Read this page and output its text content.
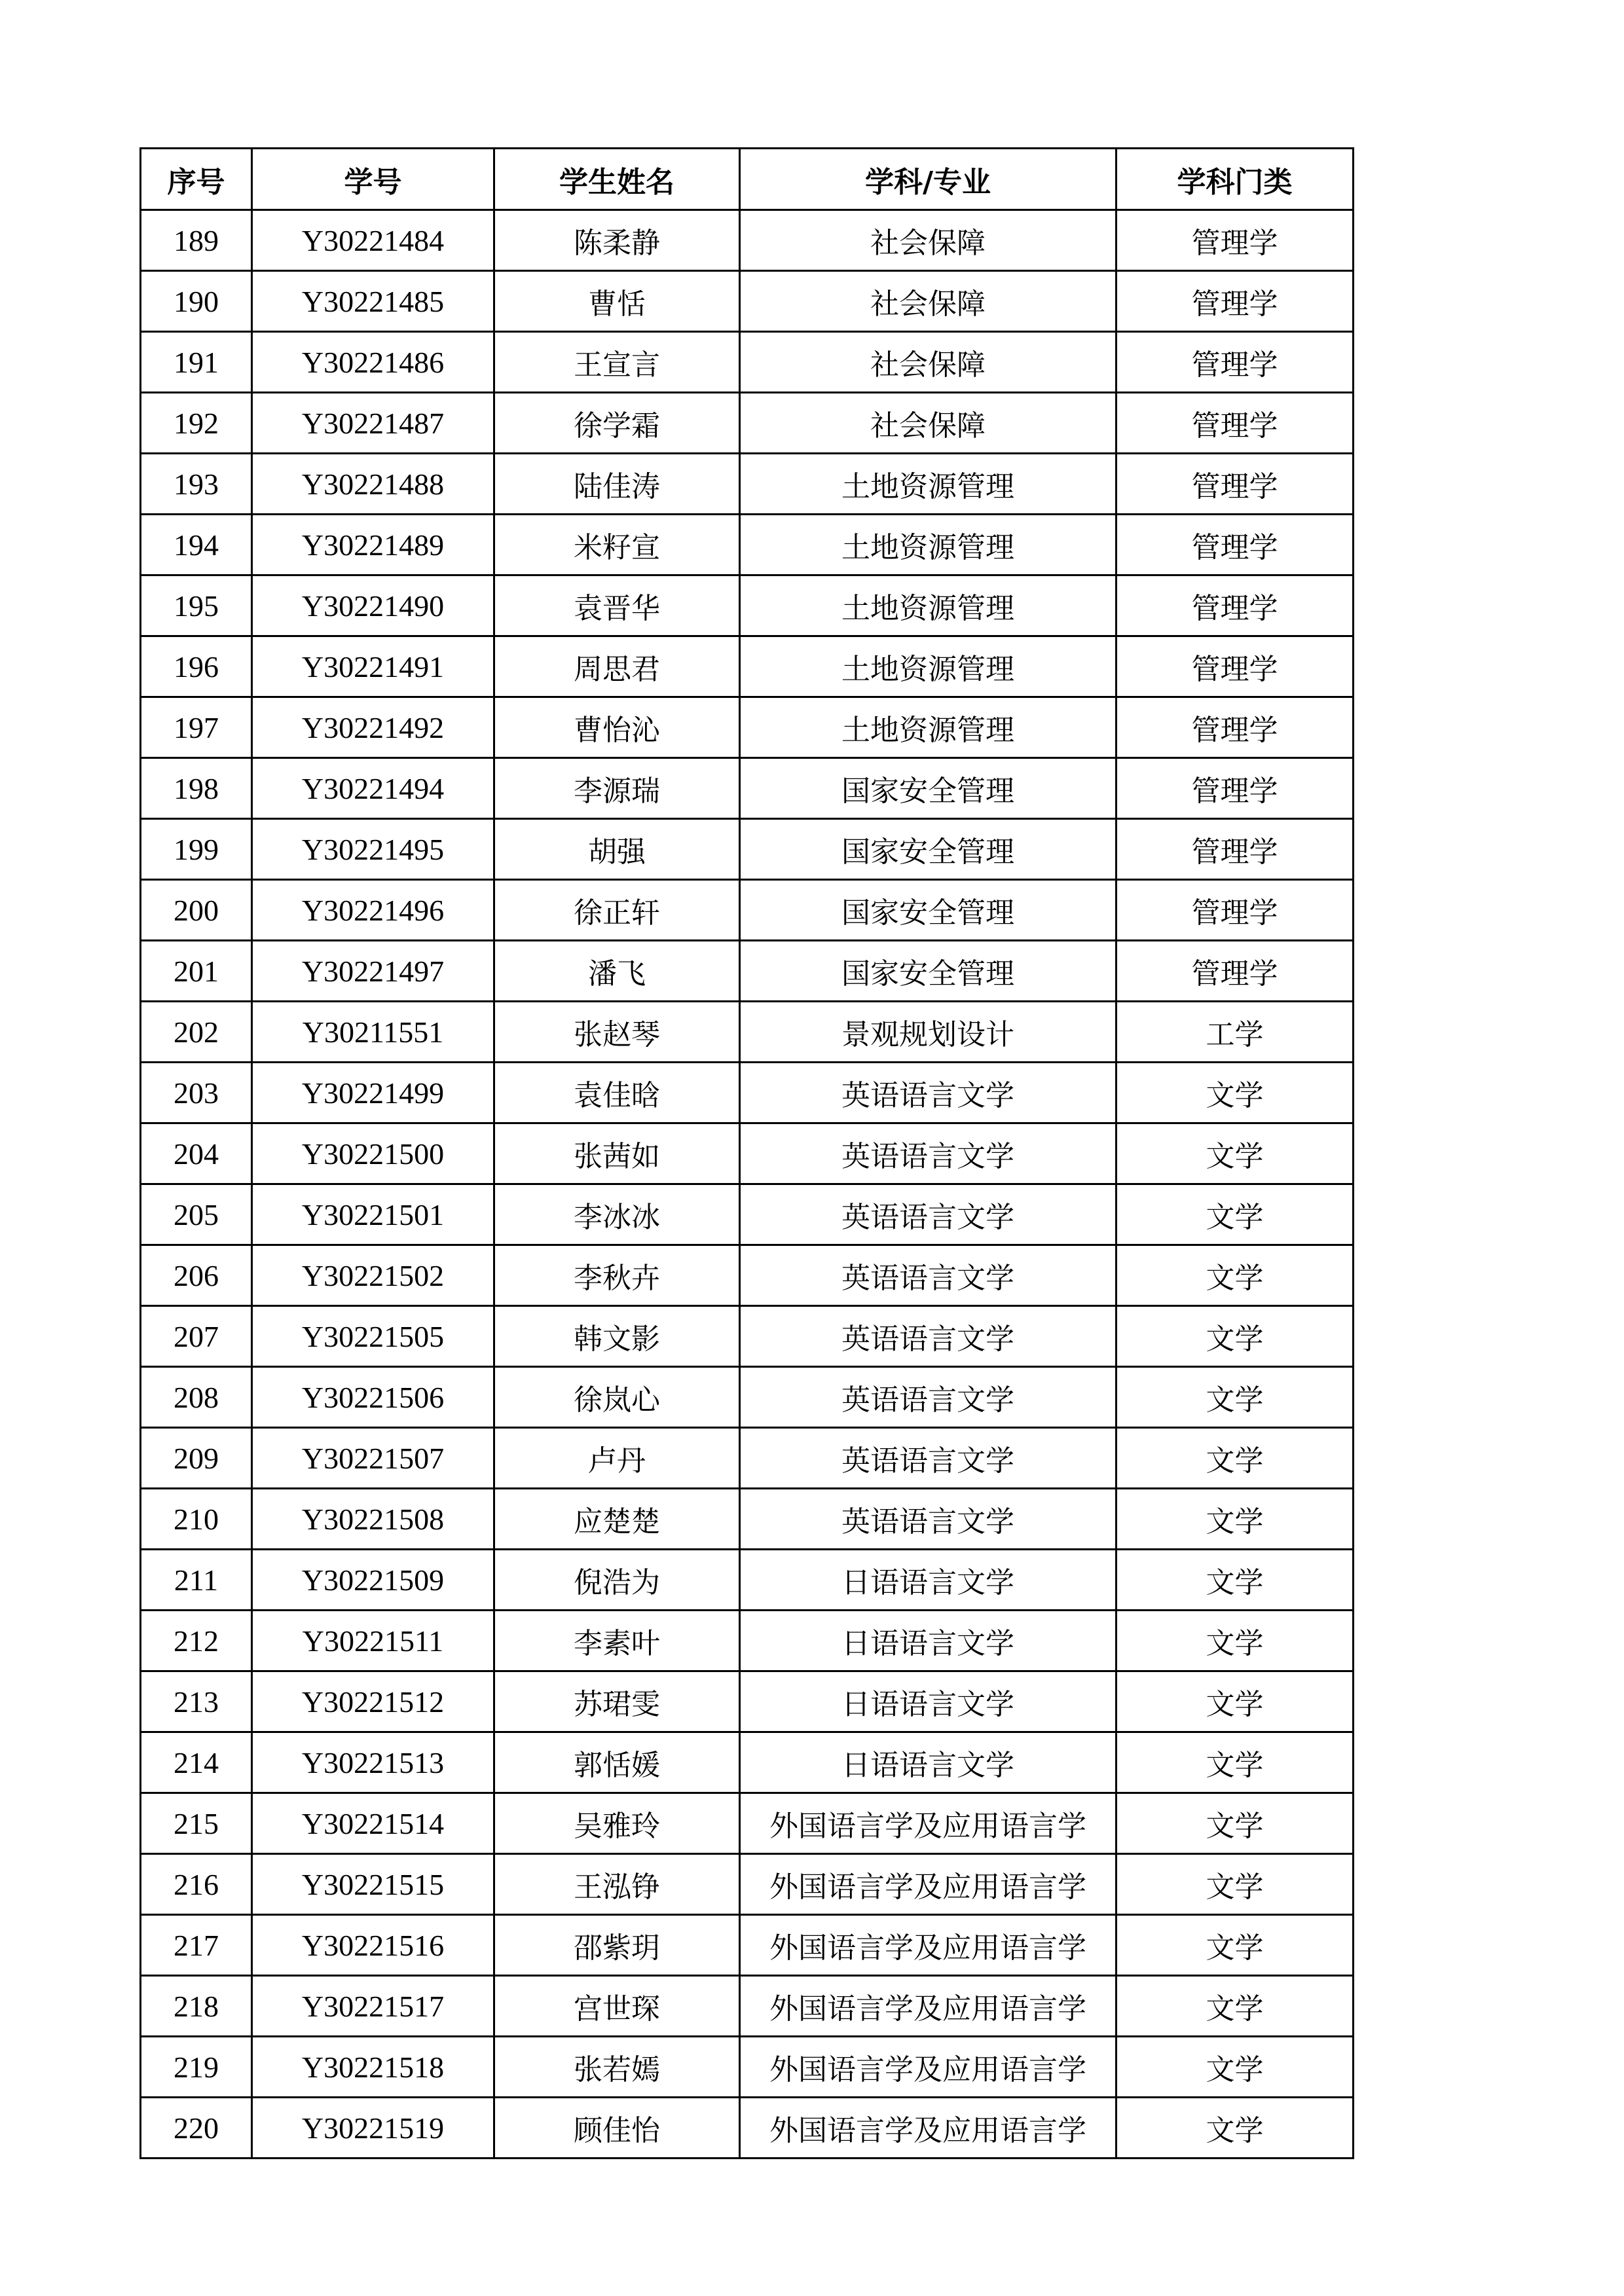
序号	学号	学生姓名	学科/专业	学科门类
189	Y30221484	陈柔静	社会保障	管理学
190	Y30221485	曹恬	社会保障	管理学
191	Y30221486	王宣言	社会保障	管理学
192	Y30221487	徐学霜	社会保障	管理学
193	Y30221488	陆佳涛	土地资源管理	管理学
194	Y30221489	米籽宣	土地资源管理	管理学
195	Y30221490	袁晋华	土地资源管理	管理学
196	Y30221491	周思君	土地资源管理	管理学
197	Y30221492	曹怡沁	土地资源管理	管理学
198	Y30221494	李源瑞	国家安全管理	管理学
199	Y30221495	胡强	国家安全管理	管理学
200	Y30221496	徐正轩	国家安全管理	管理学
201	Y30221497	潘飞	国家安全管理	管理学
202	Y30211551	张赵琴	景观规划设计	工学
203	Y30221499	袁佳晗	英语语言文学	文学
204	Y30221500	张茜如	英语语言文学	文学
205	Y30221501	李冰冰	英语语言文学	文学
206	Y30221502	李秋卉	英语语言文学	文学
207	Y30221505	韩文影	英语语言文学	文学
208	Y30221506	徐岚心	英语语言文学	文学
209	Y30221507	卢丹	英语语言文学	文学
210	Y30221508	应楚楚	英语语言文学	文学
211	Y30221509	倪浩为	日语语言文学	文学
212	Y30221511	李素叶	日语语言文学	文学
213	Y30221512	苏珺雯	日语语言文学	文学
214	Y30221513	郭恬媛	日语语言文学	文学
215	Y30221514	吴雅玲	外国语言学及应用语言学	文学
216	Y30221515	王泓铮	外国语言学及应用语言学	文学
217	Y30221516	邵紫玥	外国语言学及应用语言学	文学
218	Y30221517	宫世琛	外国语言学及应用语言学	文学
219	Y30221518	张若嫣	外国语言学及应用语言学	文学
220	Y30221519	顾佳怡	外国语言学及应用语言学	文学
